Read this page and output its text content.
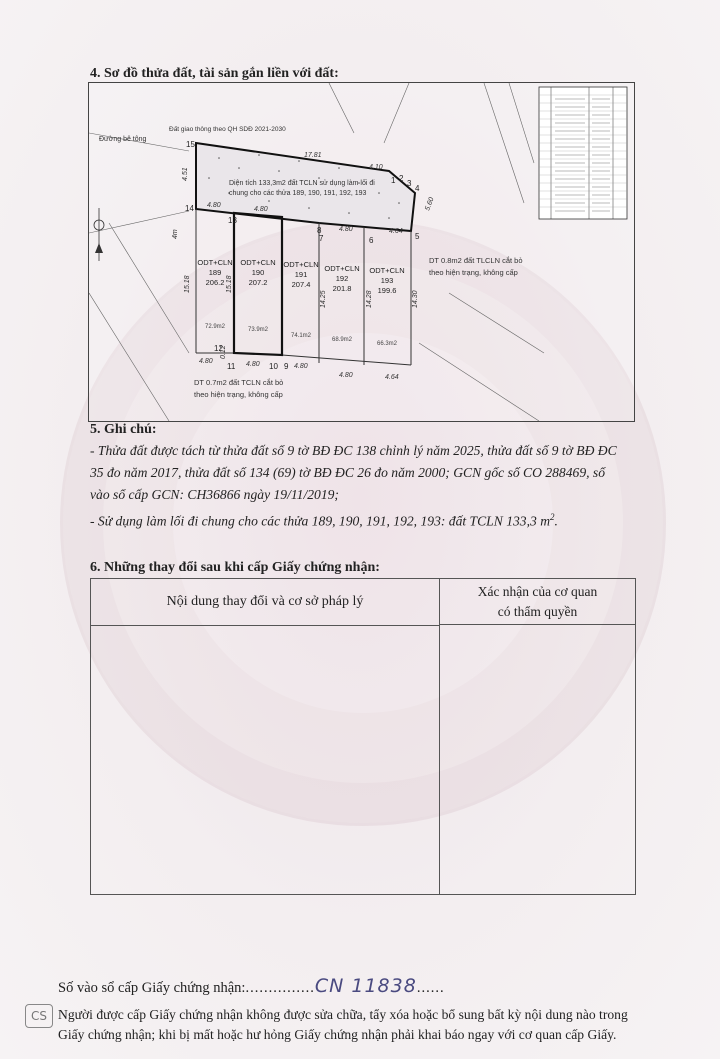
4. Sơ đồ thửa đất, tài sản gắn liền với đất:
15
1 2
3
4
14
13
8
7	6	5
12
11	10 9
17.81
4.10
4.51
4.80
4.80
4.64
5.60
4.80
15.18	15.18
14.25	14.28	14.30
4m
4.80	4.80	4.80
4.80	4.64
0.12
Đường bê tông
Đất giao thông theo QH SDĐ 2021-2030
Diện tích 133,3m2 đất TCLN sử dụng làm lối đi
chung cho các thửa 189, 190, 191, 192, 193
DT 0.8m2 đất TLCLN cắt bỏ
theo hiện trạng, không cấp
DT 0.7m2 đất TCLN cắt bỏ
theo hiện trạng, không cấp
ODT+CLN
189
206.2
ODT+CLN
190
207.2
ODT+CLN
191
207.4
ODT+CLN
192
201.8
ODT+CLN
193
199.6
72.9m2	73.9m2
74.1m2
68.9m2
66.3m2
5. Ghi chú:
- Thửa đất được tách từ thửa đất số 9 tờ BĐ ĐC 138 chỉnh lý năm 2025, thửa đất số 9 tờ BĐ ĐC
35 đo năm 2017, thửa đất số 134 (69) tờ BĐ ĐC 26 đo năm 2000; GCN gốc số CO 288469, số
vào sổ cấp GCN: CH36866 ngày 19/11/2019;
- Sử dụng làm lối đi chung cho các thửa 189, 190, 191, 192, 193: đất TCLN 133,3 $m^2$.
6. Những thay đổi sau khi cấp Giấy chứng nhận:
Nội dung thay đổi và cơ sở pháp lý
Xác nhận của cơ quan
có thẩm quyền
Số vào sổ cấp Giấy chứng nhận:...............CN 11838......
CS Người được cấp Giấy chứng nhận không được sửa chữa, tẩy xóa hoặc bổ sung bất kỳ nội dung nào trong
Giấy chứng nhận; khi bị mất hoặc hư hỏng Giấy chứng nhận phải khai báo ngay với cơ quan cấp Giấy.
